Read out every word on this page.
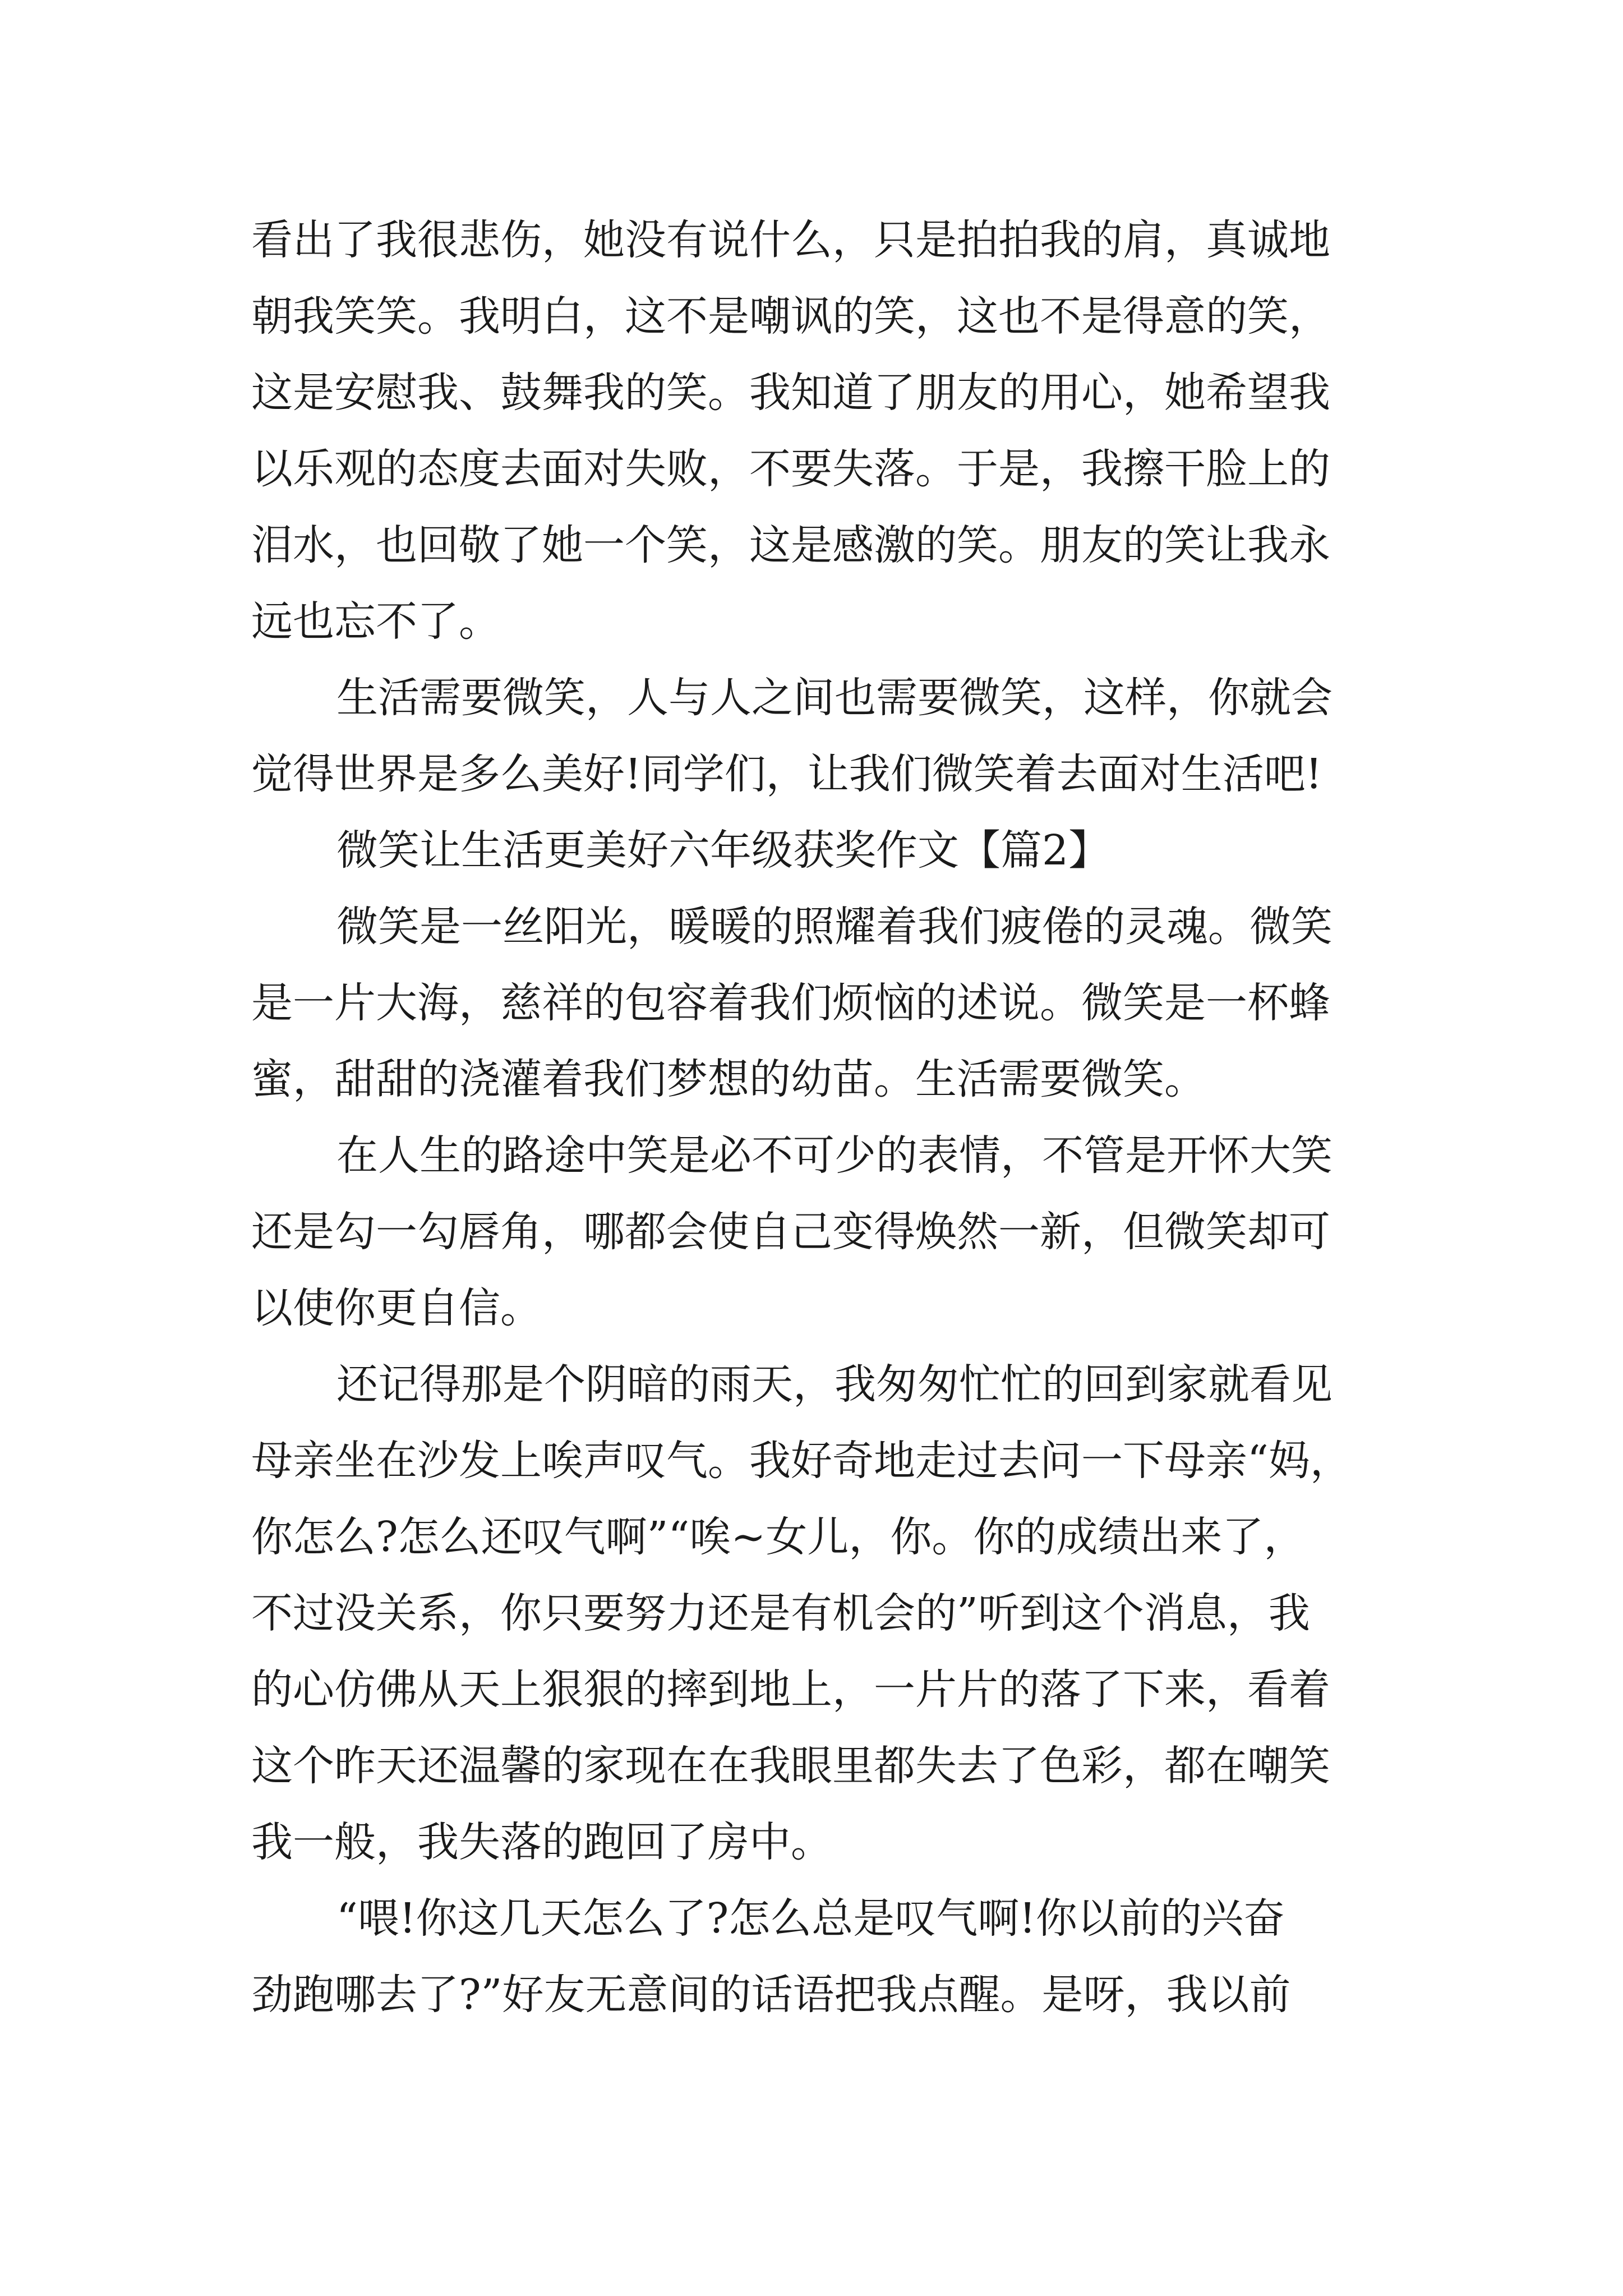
看出了我很悲伤，她没有说什么，只是拍拍我的肩，真诚地
朝我笑笑。我明白，这不是嘲讽的笑，这也不是得意的笑，
这是安慰我、鼓舞我的笑。我知道了朋友的用心，她希望我
以乐观的态度去面对失败，不要失落。于是，我擦干脸上的
泪水，也回敬了她一个笑，这是感激的笑。朋友的笑让我永
远也忘不了。
生活需要微笑，人与人之间也需要微笑，这样，你就会
觉得世界是多么美好!同学们，让我们微笑着去面对生活吧!
微笑让生活更美好六年级获奖作文【篇2】
微笑是一丝阳光，暖暖的照耀着我们疲倦的灵魂。微笑
是一片大海，慈祥的包容着我们烦恼的述说。微笑是一杯蜂
蜜，甜甜的浇灌着我们梦想的幼苗。生活需要微笑。
在人生的路途中笑是必不可少的表情，不管是开怀大笑
还是勾一勾唇角，哪都会使自己变得焕然一新，但微笑却可
以使你更自信。
还记得那是个阴暗的雨天，我匆匆忙忙的回到家就看见
母亲坐在沙发上唉声叹气。我好奇地走过去问一下母亲“妈，
你怎么?怎么还叹气啊”“唉~女儿，你。你的成绩出来了，
不过没关系，你只要努力还是有机会的”听到这个消息，我
的心仿佛从天上狠狠的摔到地上，一片片的落了下来，看着
这个昨天还温馨的家现在在我眼里都失去了色彩，都在嘲笑
我一般，我失落的跑回了房中。
“喂!你这几天怎么了?怎么总是叹气啊!你以前的兴奋
劲跑哪去了?”好友无意间的话语把我点醒。是呀，我以前
